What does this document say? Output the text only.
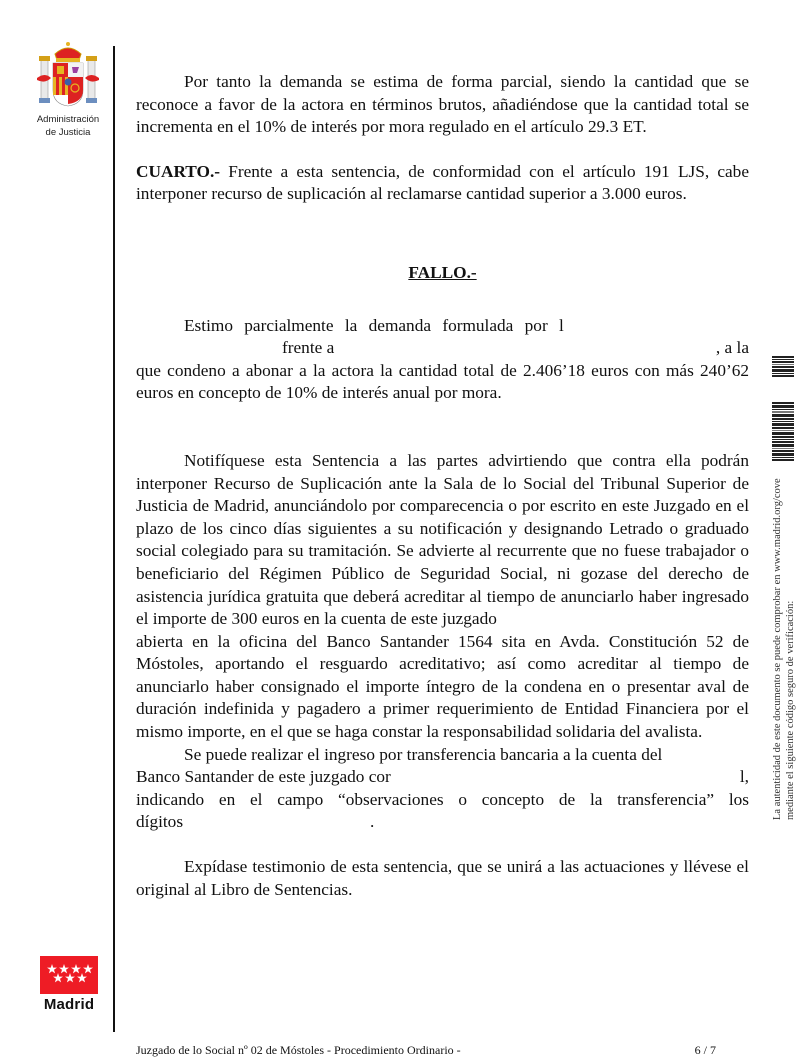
Administración
de Justicia
Madrid

Por tanto la demanda se estima de forma parcial, siendo la cantidad que se reconoce a favor de la actora en términos brutos, añadiéndose que la cantidad total se incrementa en el 10% de interés por mora regulado en el artículo 29.3 ET.

CUARTO.- Frente a esta sentencia, de conformidad con el artículo 191 LJS, cabe interponer recurso de suplicación al reclamarse cantidad superior a 3.000 euros.

FALLO.-

Estimo parcialmente la demanda formulada por l
frente a	, a la
que condeno a abonar a la actora la cantidad total de 2.406’18 euros con más 240’62 euros en concepto de 10% de interés anual por mora.

Notifíquese esta Sentencia a las partes advirtiendo que contra ella podrán interponer Recurso de Suplicación ante la Sala de lo Social del Tribunal Superior de Justicia de Madrid, anunciándolo por comparecencia o por escrito en este Juzgado en el plazo de los cinco días siguientes a su notificación y designando Letrado o graduado social colegiado para su tramitación. Se advierte al recurrente que no fuese trabajador o beneficiario del Régimen Público de Seguridad Social, ni gozase del derecho de asistencia jurídica gratuita que deberá acreditar al tiempo de anunciarlo haber ingresado el importe de 300 euros en la cuenta de este juzgado

abierta en la oficina del Banco Santander 1564 sita en Avda. Constitución 52 de Móstoles, aportando el resguardo acreditativo; así como acreditar al tiempo de anunciarlo haber consignado el importe íntegro de la condena en o presentar aval de duración indefinida y pagadero a primer requerimiento de Entidad Financiera por el mismo importe, en el que se haga constar la responsabilidad solidaria del avalista.

Se puede realizar el ingreso por transferencia bancaria a la cuenta del

Banco Santander de este juzgado cor	l,

indicando en el campo “observaciones o concepto de la transferencia” los

dígitos	.

Expídase testimonio de esta sentencia, que se unirá a las actuaciones y llévese el original al Libro de Sentencias.

Juzgado de lo Social nº 02 de Móstoles - Procedimiento Ordinario -	6 / 7
La autenticidad de este documento se puede comprobar en www.madrid.org/cove mediante el siguiente código seguro de verificación:
